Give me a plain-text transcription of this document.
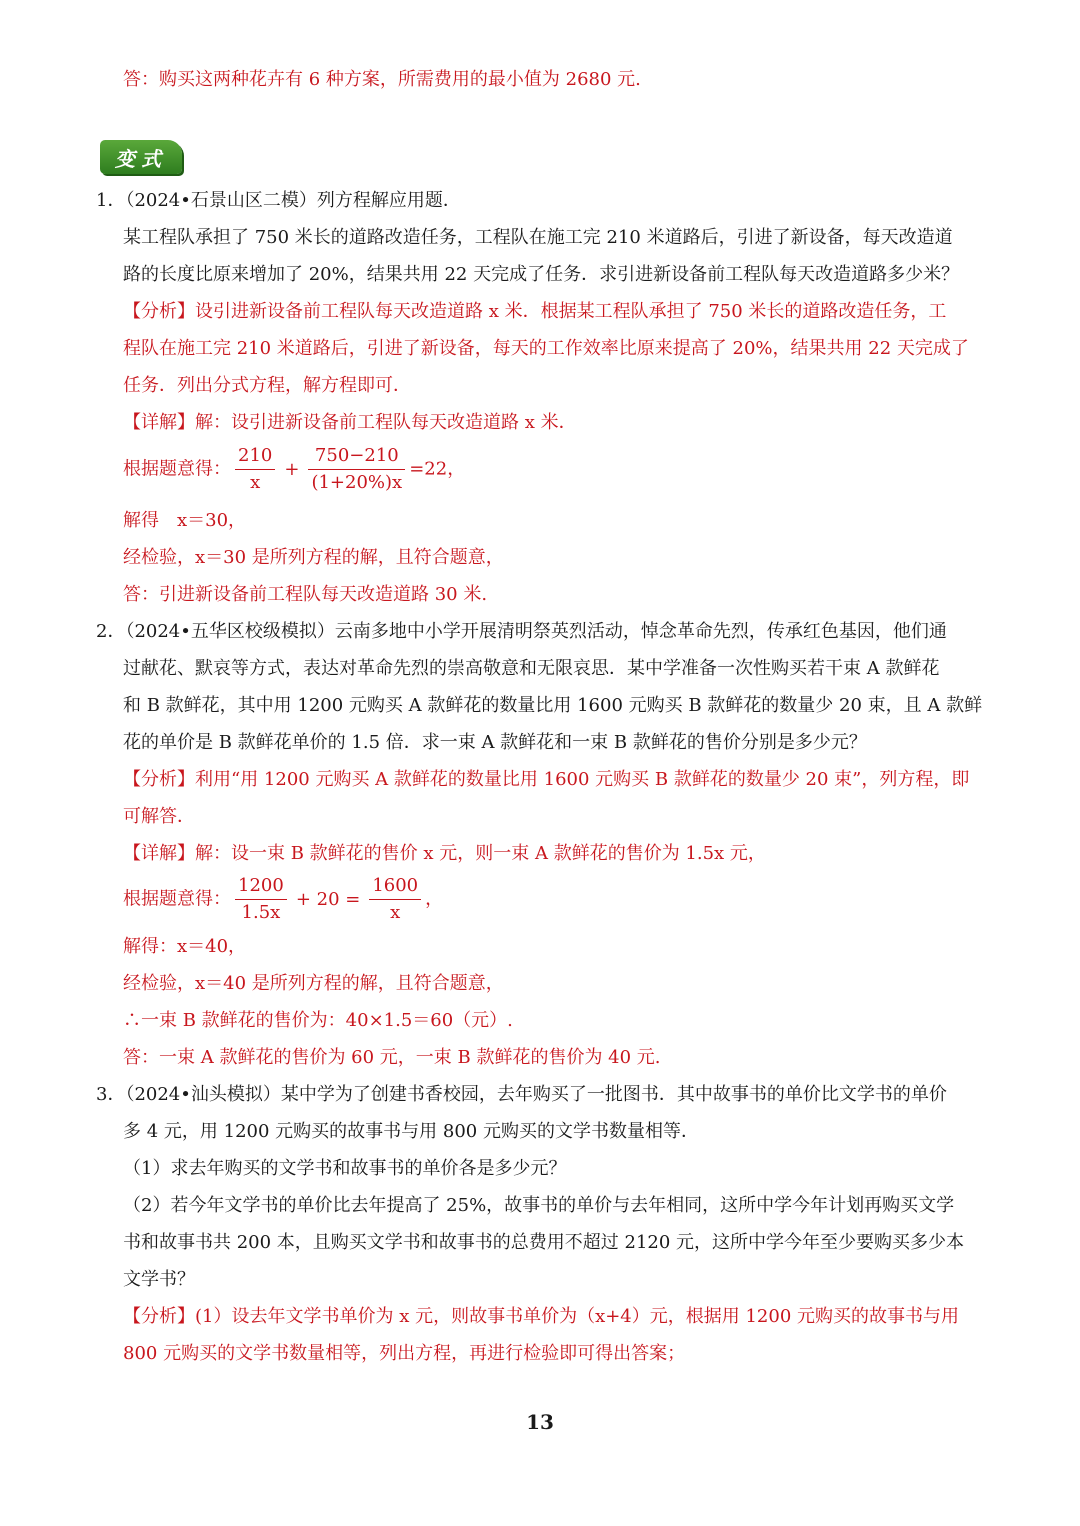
答：购买这两种花卉有 6 种方案，所需费用的最小值为 2680 元.
变式
1．（2024•石景山区二模）列方程解应用题．
某工程队承担了 750 米长的道路改造任务，工程队在施工完 210 米道路后，引进了新设备，每天改造道
路的长度比原来增加了 20%，结果共用 22 天完成了任务．求引进新设备前工程队每天改造道路多少米？
【分析】设引进新设备前工程队每天改造道路 x 米．根据某工程队承担了 750 米长的道路改造任务，工
程队在施工完 210 米道路后，引进了新设备，每天的工作效率比原来提高了 20%，结果共用 22 天完成了
任务．列出分式方程，解方程即可．
【详解】解：设引进新设备前工程队每天改造道路 x 米．
根据题意得： $\frac{210}{x} + \frac{750-210}{(1+20\%)x} =22$，
解得　x＝30，
经检验，x＝30 是所列方程的解，且符合题意，
答：引进新设备前工程队每天改造道路 30 米.
2．（2024•五华区校级模拟）云南多地中小学开展清明祭英烈活动，悼念革命先烈，传承红色基因，他们通
过献花、默哀等方式，表达对革命先烈的崇高敬意和无限哀思．某中学准备一次性购买若干束 A 款鲜花
和 B 款鲜花，其中用 1200 元购买 A 款鲜花的数量比用 1600 元购买 B 款鲜花的数量少 20 束，且 A 款鲜
花的单价是 B 款鲜花单价的 1.5 倍．求一束 A 款鲜花和一束 B 款鲜花的售价分别是多少元？
【分析】利用“用 1200 元购买 A 款鲜花的数量比用 1600 元购买 B 款鲜花的数量少 20 束”，列方程，即
可解答．
【详解】解：设一束 B 款鲜花的售价 x 元，则一束 A 款鲜花的售价为 1.5x 元，
根据题意得： $\frac{1200}{1.5x} + 20 = \frac{1600}{x}$ ，
解得：x＝40，
经检验，x＝40 是所列方程的解，且符合题意，
∴一束 B 款鲜花的售价为：40×1.5＝60（元）.
答：一束 A 款鲜花的售价为 60 元，一束 B 款鲜花的售价为 40 元.
3．（2024•汕头模拟）某中学为了创建书香校园，去年购买了一批图书．其中故事书的单价比文学书的单价
多 4 元，用 1200 元购买的故事书与用 800 元购买的文学书数量相等．
（1）求去年购买的文学书和故事书的单价各是多少元？
（2）若今年文学书的单价比去年提高了 25%，故事书的单价与去年相同，这所中学今年计划再购买文学
书和故事书共 200 本，且购买文学书和故事书的总费用不超过 2120 元，这所中学今年至少要购买多少本
文学书？
【分析】(1）设去年文学书单价为 x 元，则故事书单价为（x+4）元，根据用 1200 元购买的故事书与用
800 元购买的文学书数量相等，列出方程，再进行检验即可得出答案；
13
